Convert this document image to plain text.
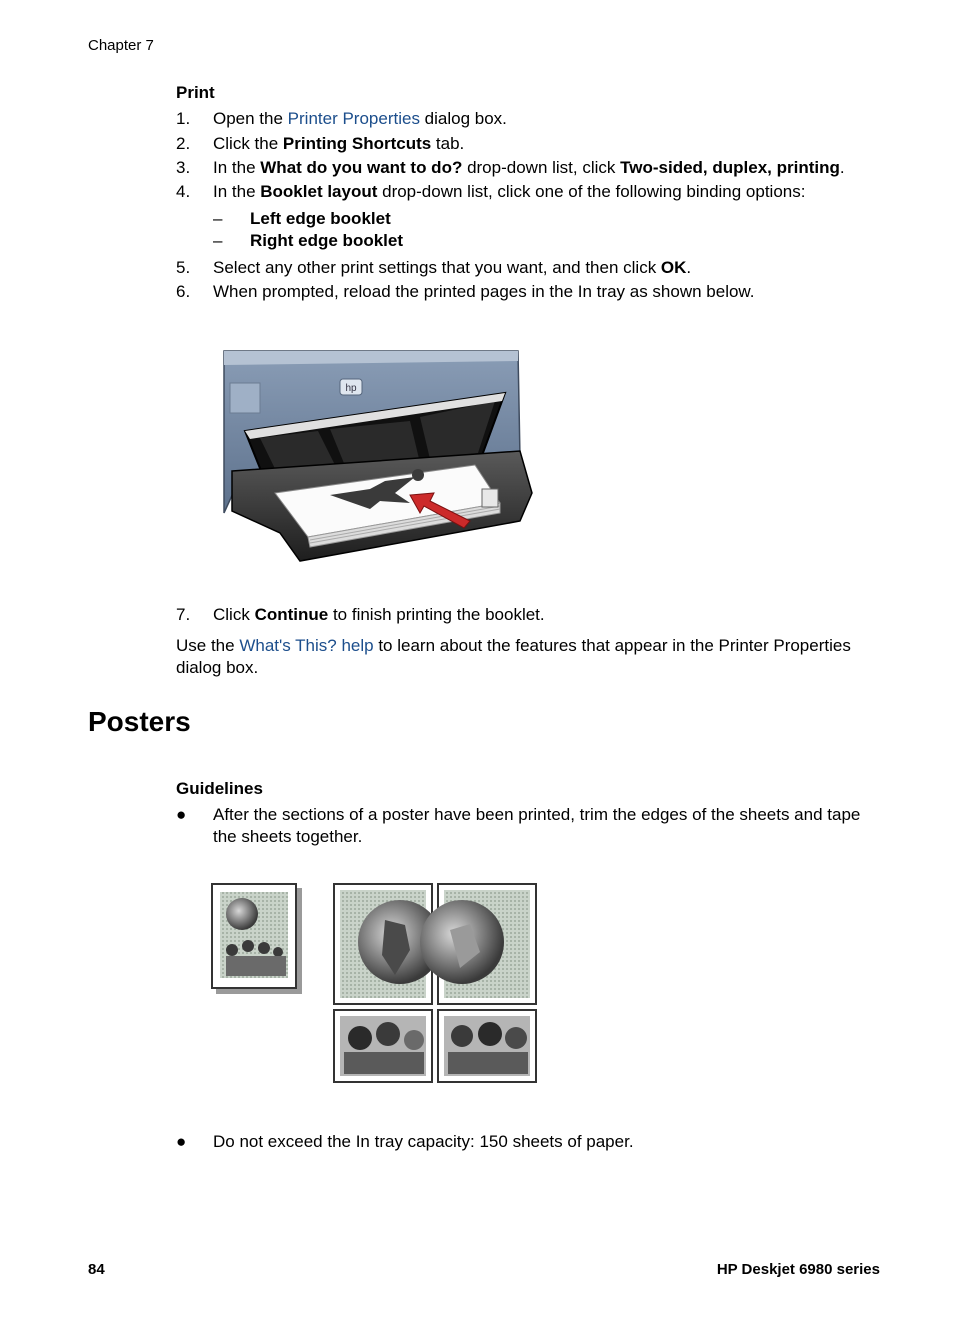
Chapter 7
Print
1. Open the Printer Properties dialog box.
2. Click the Printing Shortcuts tab.
3. In the What do you want to do? drop-down list, click Two-sided, duplex, printing.
4. In the Booklet layout drop-down list, click one of the following binding options:
– Left edge booklet
– Right edge booklet
5. Select any other print settings that you want, and then click OK.
6. When prompted, reload the printed pages in the In tray as shown below.
hp
7. Click Continue to finish printing the booklet.
Use the What's This? help to learn about the features that appear in the Printer Properties dialog box.
Posters
Guidelines
● After the sections of a poster have been printed, trim the edges of the sheets and tape the sheets together.
● Do not exceed the In tray capacity: 150 sheets of paper.
84	HP Deskjet 6980 series
